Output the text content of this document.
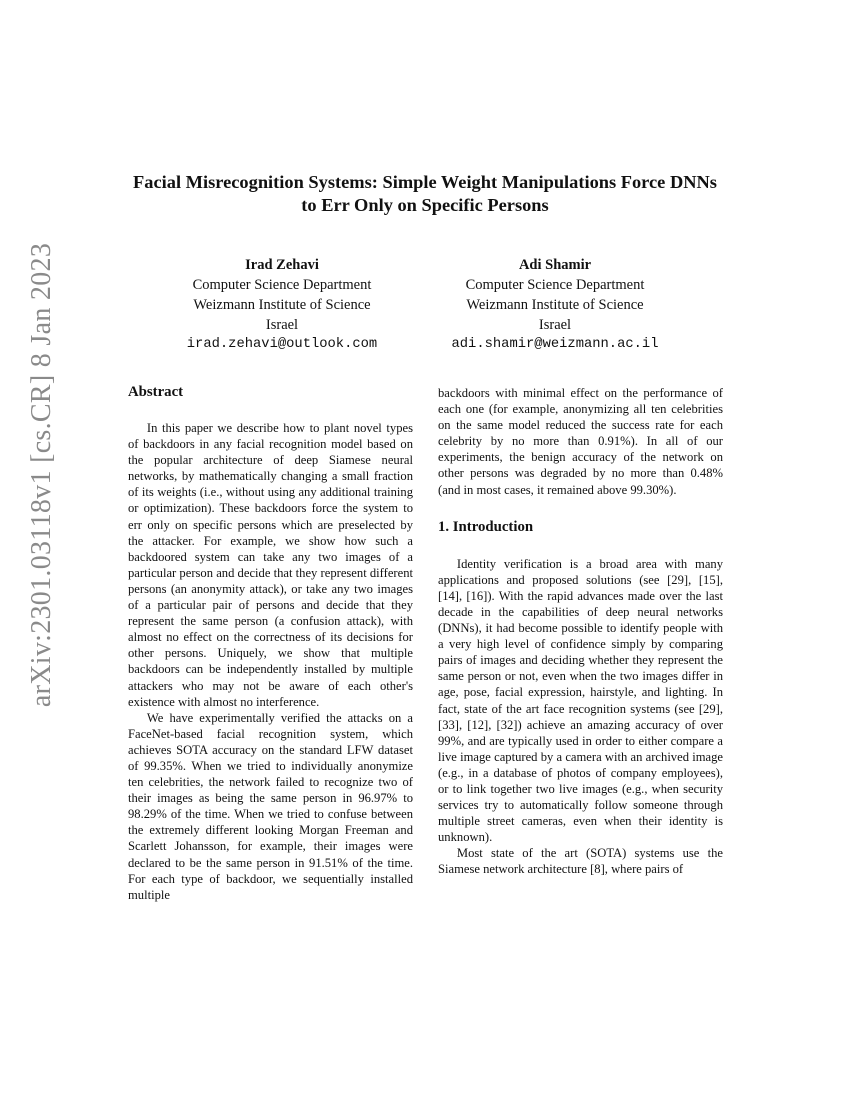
arXiv:2301.03118v1 [cs.CR] 8 Jan 2023
Facial Misrecognition Systems: Simple Weight Manipulations Force DNNs to Err Only on Specific Persons
Irad Zehavi
Computer Science Department
Weizmann Institute of Science
Israel
irad.zehavi@outlook.com
Adi Shamir
Computer Science Department
Weizmann Institute of Science
Israel
adi.shamir@weizmann.ac.il
Abstract

In this paper we describe how to plant novel types of backdoors in any facial recognition model based on the popular architecture of deep Siamese neural networks, by mathematically changing a small fraction of its weights (i.e., without using any additional training or optimization). These backdoors force the system to err only on specific persons which are preselected by the attacker. For example, we show how such a backdoored system can take any two images of a particular person and decide that they represent different persons (an anonymity attack), or take any two images of a particular pair of persons and decide that they represent the same person (a confusion attack), with almost no effect on the correctness of its decisions for other persons. Uniquely, we show that multiple backdoors can be independently installed by multiple attackers who may not be aware of each other's existence with almost no interference.

We have experimentally verified the attacks on a FaceNet-based facial recognition system, which achieves SOTA accuracy on the standard LFW dataset of 99.35%. When we tried to individually anonymize ten celebrities, the network failed to recognize two of their images as being the same person in 96.97% to 98.29% of the time. When we tried to confuse between the extremely different looking Morgan Freeman and Scarlett Johansson, for example, their images were declared to be the same person in 91.51% of the time. For each type of backdoor, we sequentially installed multiple

backdoors with minimal effect on the performance of each one (for example, anonymizing all ten celebrities on the same model reduced the success rate for each celebrity by no more than 0.91%). In all of our experiments, the benign accuracy of the network on other persons was degraded by no more than 0.48% (and in most cases, it remained above 99.30%).

1. Introduction

Identity verification is a broad area with many applications and proposed solutions (see [29], [15], [14], [16]). With the rapid advances made over the last decade in the capabilities of deep neural networks (DNNs), it had become possible to identify people with a very high level of confidence simply by comparing pairs of images and deciding whether they represent the same person or not, even when the two images differ in age, pose, facial expression, hairstyle, and lighting. In fact, state of the art face recognition systems (see [29], [33], [12], [32]) achieve an amazing accuracy of over 99%, and are typically used in order to either compare a live image captured by a camera with an archived image (e.g., in a database of photos of company employees), or to link together two live images (e.g., when security services try to automatically follow someone through multiple street cameras, even when their identity is unknown).

Most state of the art (SOTA) systems use the Siamese network architecture [8], where pairs of
